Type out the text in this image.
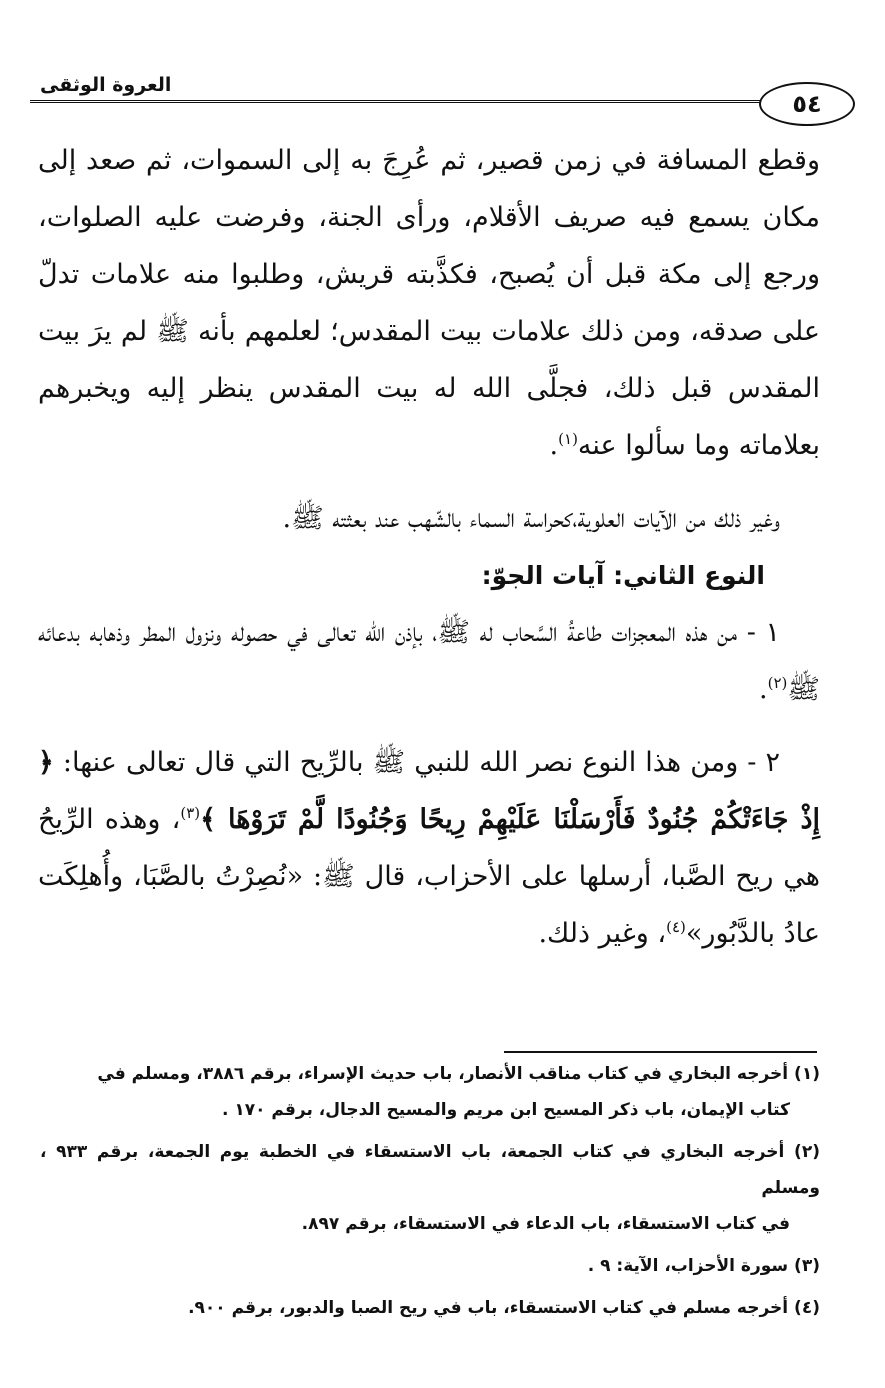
العروة الوثقى
٥٤

وقطع المسافة في زمن قصير، ثم عُرِجَ به إلى السموات، ثم صعد إلى مكان يسمع فيه صريف الأقلام، ورأى الجنة، وفرضت عليه الصلوات، ورجع إلى مكة قبل أن يُصبح، فكذَّبته قريش، وطلبوا منه علامات تدلّ على صدقه، ومن ذلك علامات بيت المقدس؛ لعلمهم بأنه ﷺ لم يرَ بيت المقدس قبل ذلك، فجلَّى الله له بيت المقدس ينظر إليه ويخبرهم بعلاماته وما سألوا عنه$^{(١)}$.

وغير ذلك من الآيات العلوية،كحراسة السماء بالشّهب عند بعثته ﷺ.

النوع الثاني: آيات الجوّ:

١ - من هذه المعجزات طاعةُ السَّحاب له ﷺ، بإذن الله تعالى في حصوله ونزول المطر وذهابه بدعائه ﷺ$^{(٢)}$.

٢ - ومن هذا النوع نصر الله للنبي ﷺ بالرِّيح التي قال تعالى عنها: ﴿ إِذْ جَاءَتْكُمْ جُنُودٌ فَأَرْسَلْنَا عَلَيْهِمْ رِيحًا وَجُنُودًا لَّمْ تَرَوْهَا ﴾$^{(٣)}$، وهذه الرِّيحُ هي ريح الصَّبا، أرسلها على الأحزاب، قال ﷺ: «نُصِرْتُ بالصَّبَا، وأُهلِكَت عادُ بالدَّبُور»$^{(٤)}$، وغير ذلك.

(١) أخرجه البخاري في كتاب مناقب الأنصار، باب حديث الإسراء، برقم ٣٨٨٦، ومسلم في
كتاب الإيمان، باب ذكر المسيح ابن مريم والمسيح الدجال، برقم ١٧٠ .

(٢) أخرجه البخاري في كتاب الجمعة، باب الاستسقاء في الخطبة يوم الجمعة، برقم ٩٣٣ ، ومسلم
في كتاب الاستسقاء، باب الدعاء في الاستسقاء، برقم ٨٩٧.

(٣) سورة الأحزاب، الآية: ٩ .

(٤) أخرجه مسلم في كتاب الاستسقاء، باب في ريح الصبا والدبور، برقم ٩٠٠.
